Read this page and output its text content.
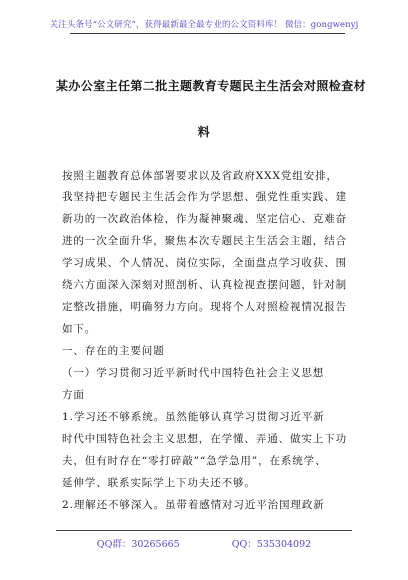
关注头条号“公文研究”，获得最新最全最专业的公文资料库！ 微信：gongwenyj
某办公室主任第二批主题教育专题民主生活会对照检查材
料
按照主题教育总体部署要求以及省政府XXX党组安排，
我坚持把专题民主生活会作为学思想、强党性重实践、建
新功的一次政治体检，作为凝神聚魂、坚定信心、克难奋
进的一次全面升华，聚焦本次专题民主生活会主题，结合
学习成果、个人情况、岗位实际，全面盘点学习收获、围
绕六方面深入深刻对照剖析、认真检视查摆问题，针对制
定整改措施，明确努力方向。现将个人对照检视情况报告
如下。
一、存在的主要问题
（一）学习贯彻习近平新时代中国特色社会主义思想
方面
1.学习还不够系统。虽然能够认真学习贯彻习近平新
时代中国特色社会主义思想，在学懂、弄通、做实上下功
夫，但有时存在“零打碎敲”“急学急用”，在系统学、
延伸学、联系实际学上下功夫还不够。
2.理解还不够深入。虽带着感情对习近平治国理政新
QQ群：30265665	QQ：535304092
